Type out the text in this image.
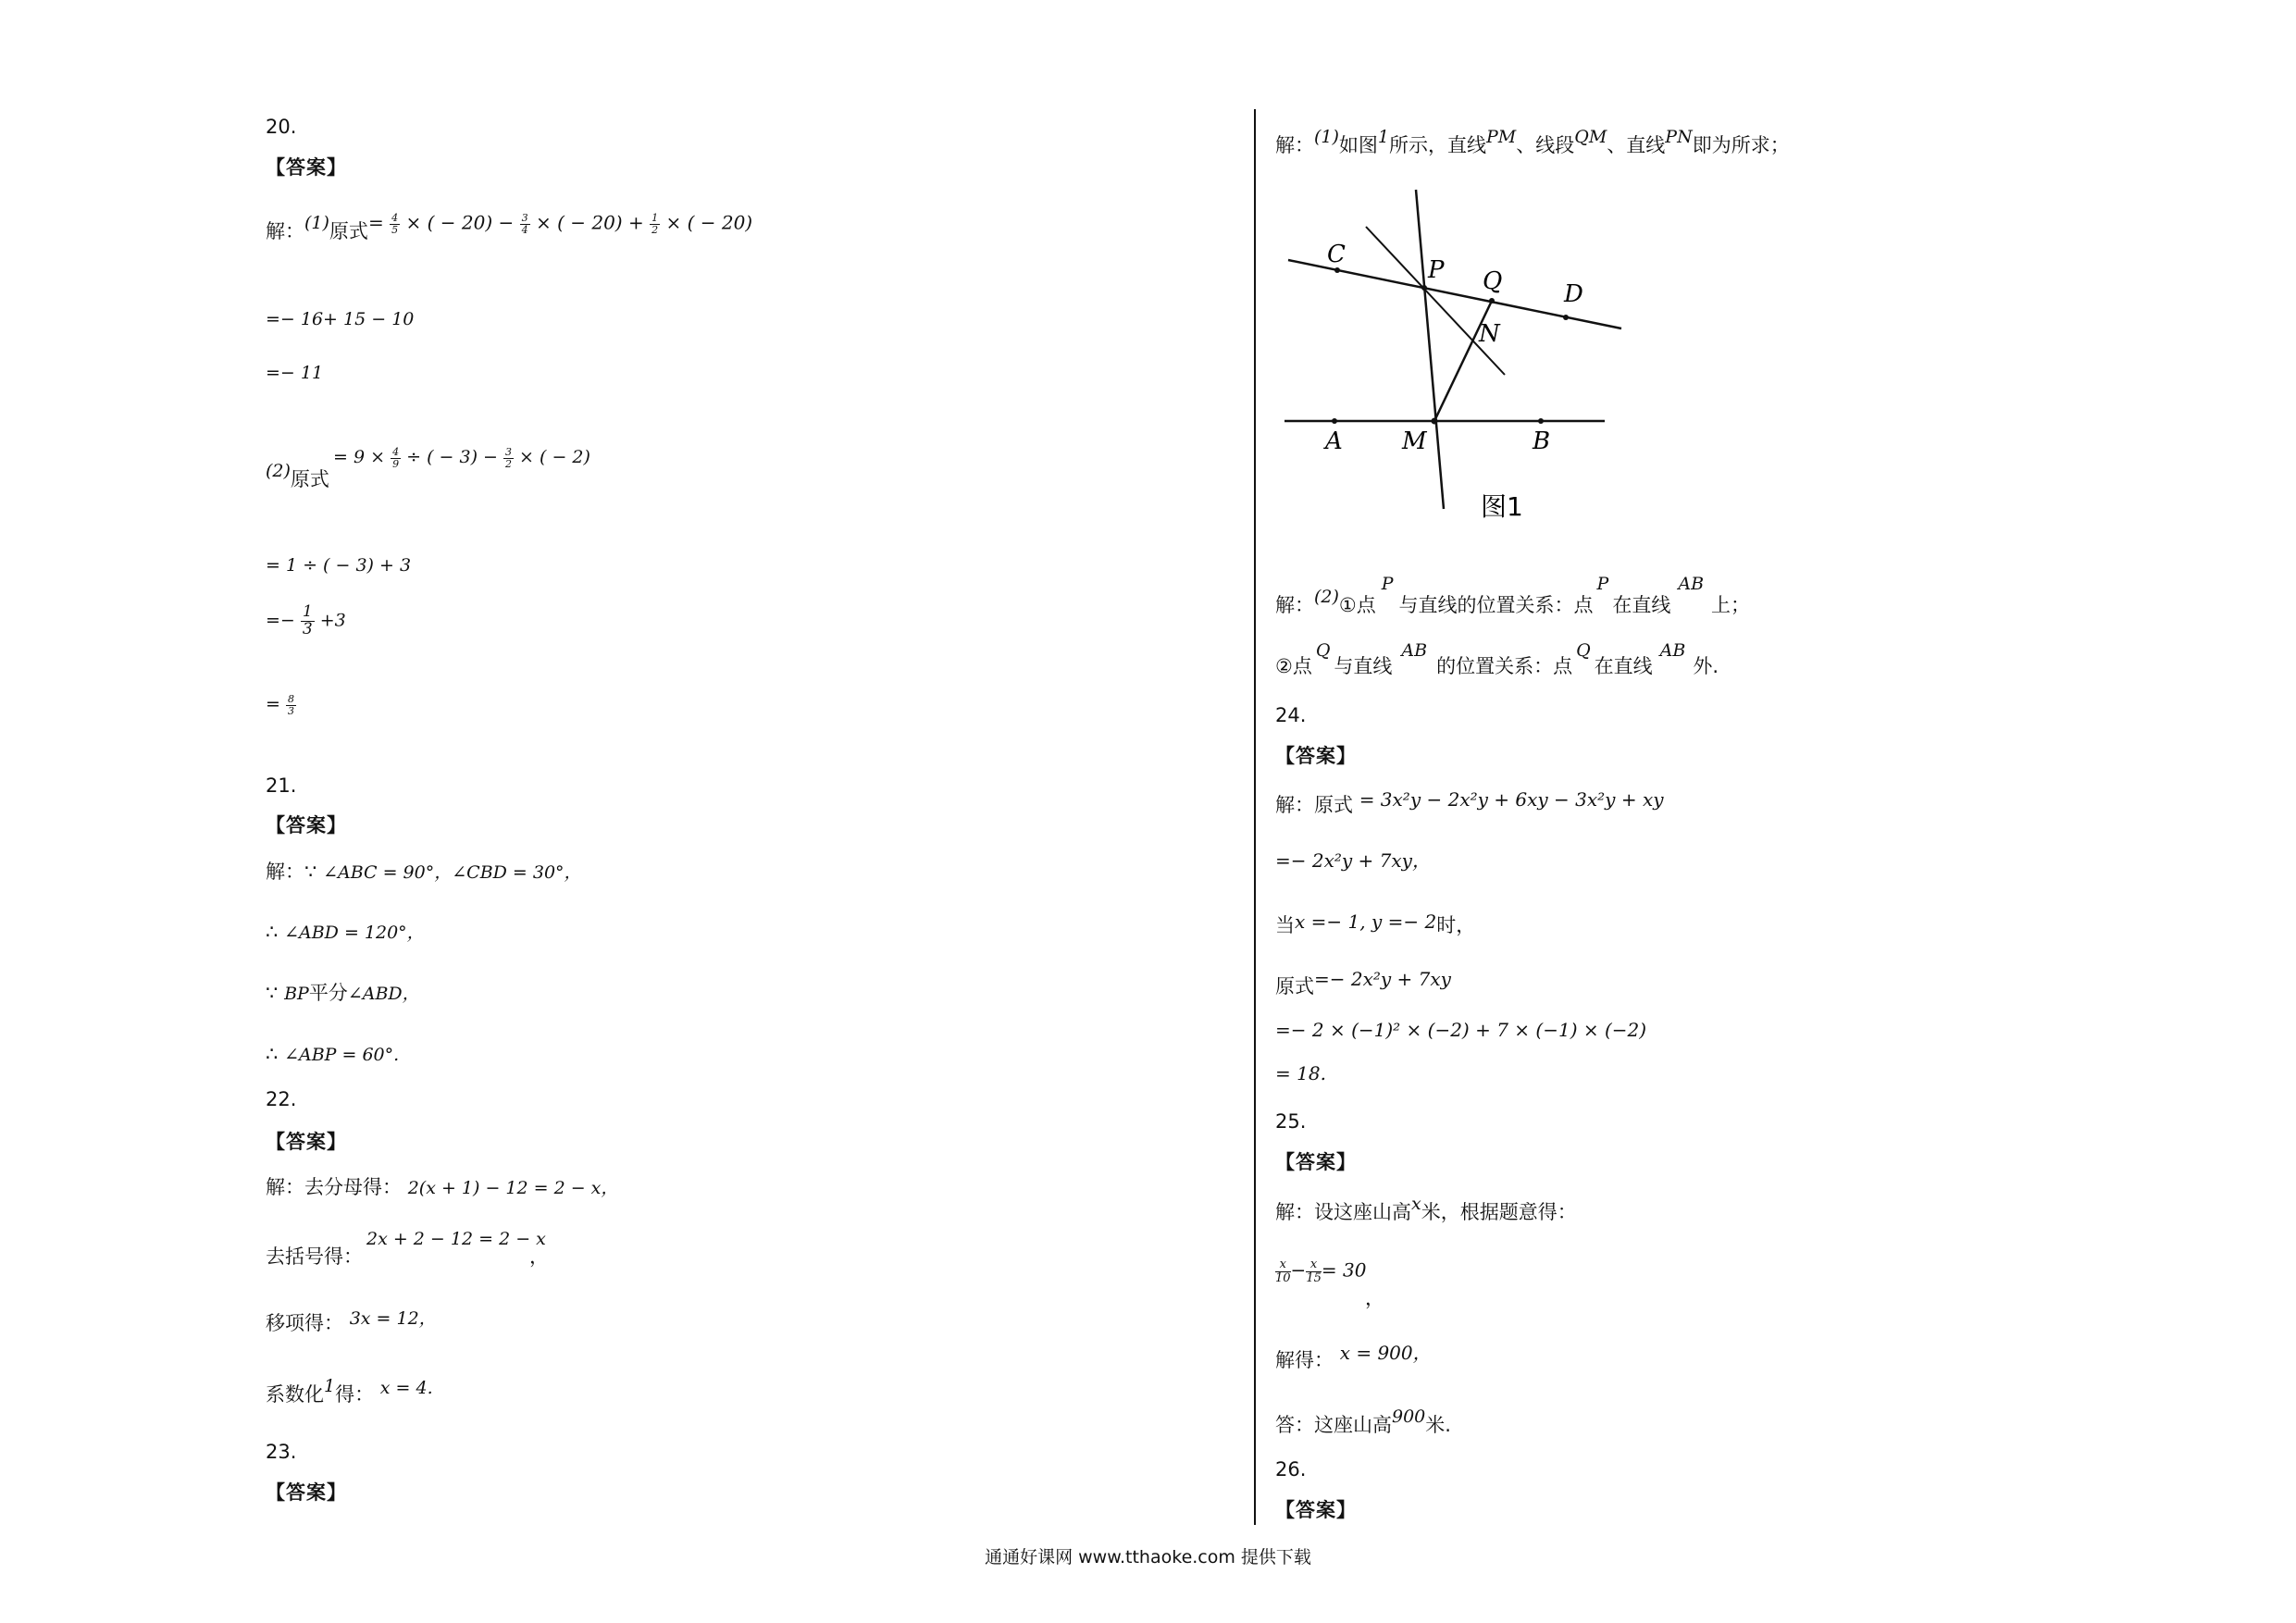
20.
【答案】
解：(1)原式 = $\frac{4}{5}$ × ( − $20) - \frac{3}{4}$ × ( − $20) + \frac{1}{2}$ × ( − 20)
=− 16+ 15 − 10
=− 11
(2)原式
= $9 \times \frac{4}{9}$ ÷ ( − $3) - \frac{3}{2}$ × ( − 2)
= 1 ÷ ( − 3) + 3
=− $\frac{1}{3} +3$
= $\frac{8}{3}$
21.
【答案】
解：∵ ∠ABC = 90°，∠CBD = 30°，
∴ ∠ABD = 120°，
∵ BP平分∠ABD，
∴ ∠ABP = 60°.
22.
【答案】
解：去分母得： 2(x + 1) − 12 = 2 − x，
去括号得：
2x + 2 − 12 = 2 − x
，
移项得： 3x = 12，
系数化1得： x = 4.
23.
【答案】
解：(1)如图1所示，直线PM、线段QM、直线PN即为所求；
C
P Q	D
N
A M	B
图1
解：(2)①点P与直线的位置关系：点P在直线AB上；
②点Q与直线AB的位置关系：点Q在直线AB外.
24.
【答案】
解：原式 = 3x²y − 2x²y + 6xy − 3x²y + xy
=− 2x²y + 7xy，
当x =− 1, y =− 2时，
原式=− 2x²y + 7xy
=− 2 × (−1)² × (−2) + 7 × (−1) × (−2)
= 18.
25.
【答案】
解：设这座山高x米，根据题意得：
$\frac{x}{10} - \frac{x}{15} = 30$
，
解得： x = 900，
答：这座山高900米.
26.
【答案】
通通好课网 www.tthaoke.com 提供下载
